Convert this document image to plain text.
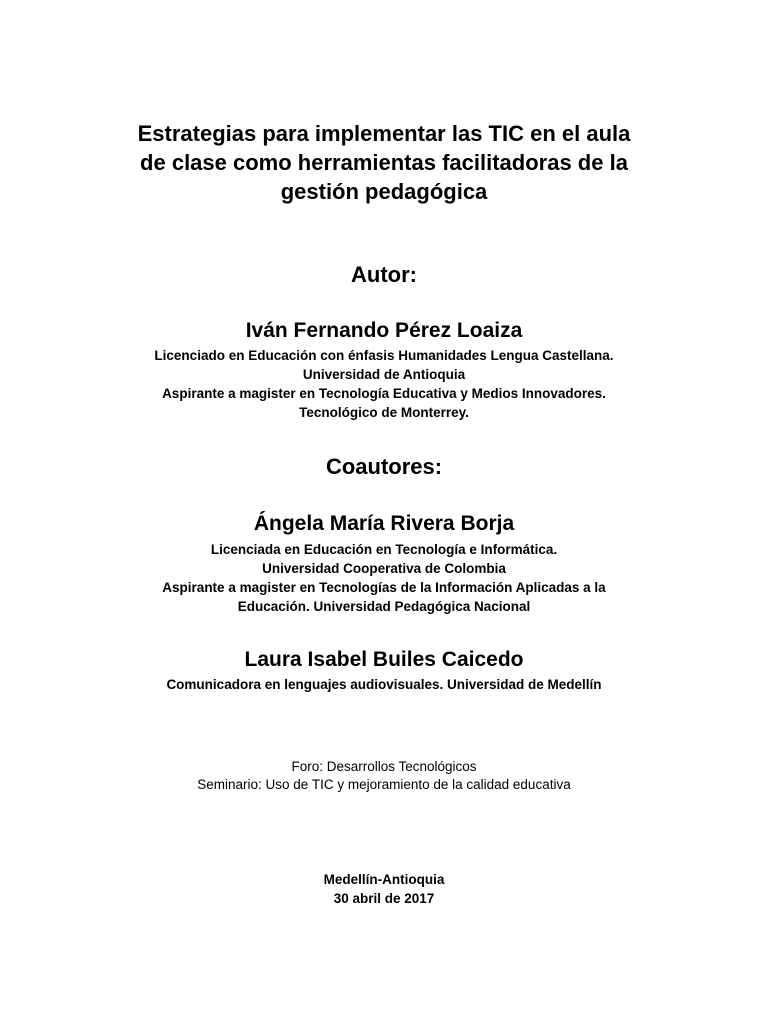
Estrategias para implementar las TIC en el aula
de clase como herramientas facilitadoras de la
gestión pedagógica
Autor:
Iván Fernando Pérez Loaiza
Licenciado en Educación con énfasis Humanidades Lengua Castellana.
Universidad de Antioquia
Aspirante a magister en Tecnología Educativa y Medios Innovadores.
Tecnológico de Monterrey.
Coautores:
Ángela María Rivera Borja
Licenciada en Educación en Tecnología e Informática.
Universidad Cooperativa de Colombia
Aspirante a magister en Tecnologías de la Información Aplicadas a la
Educación. Universidad Pedagógica Nacional
Laura Isabel Builes Caicedo
Comunicadora en lenguajes audiovisuales. Universidad de Medellín
Foro: Desarrollos Tecnológicos
Seminario: Uso de TIC y mejoramiento de la calidad educativa
Medellín-Antioquia
30 abril de 2017
